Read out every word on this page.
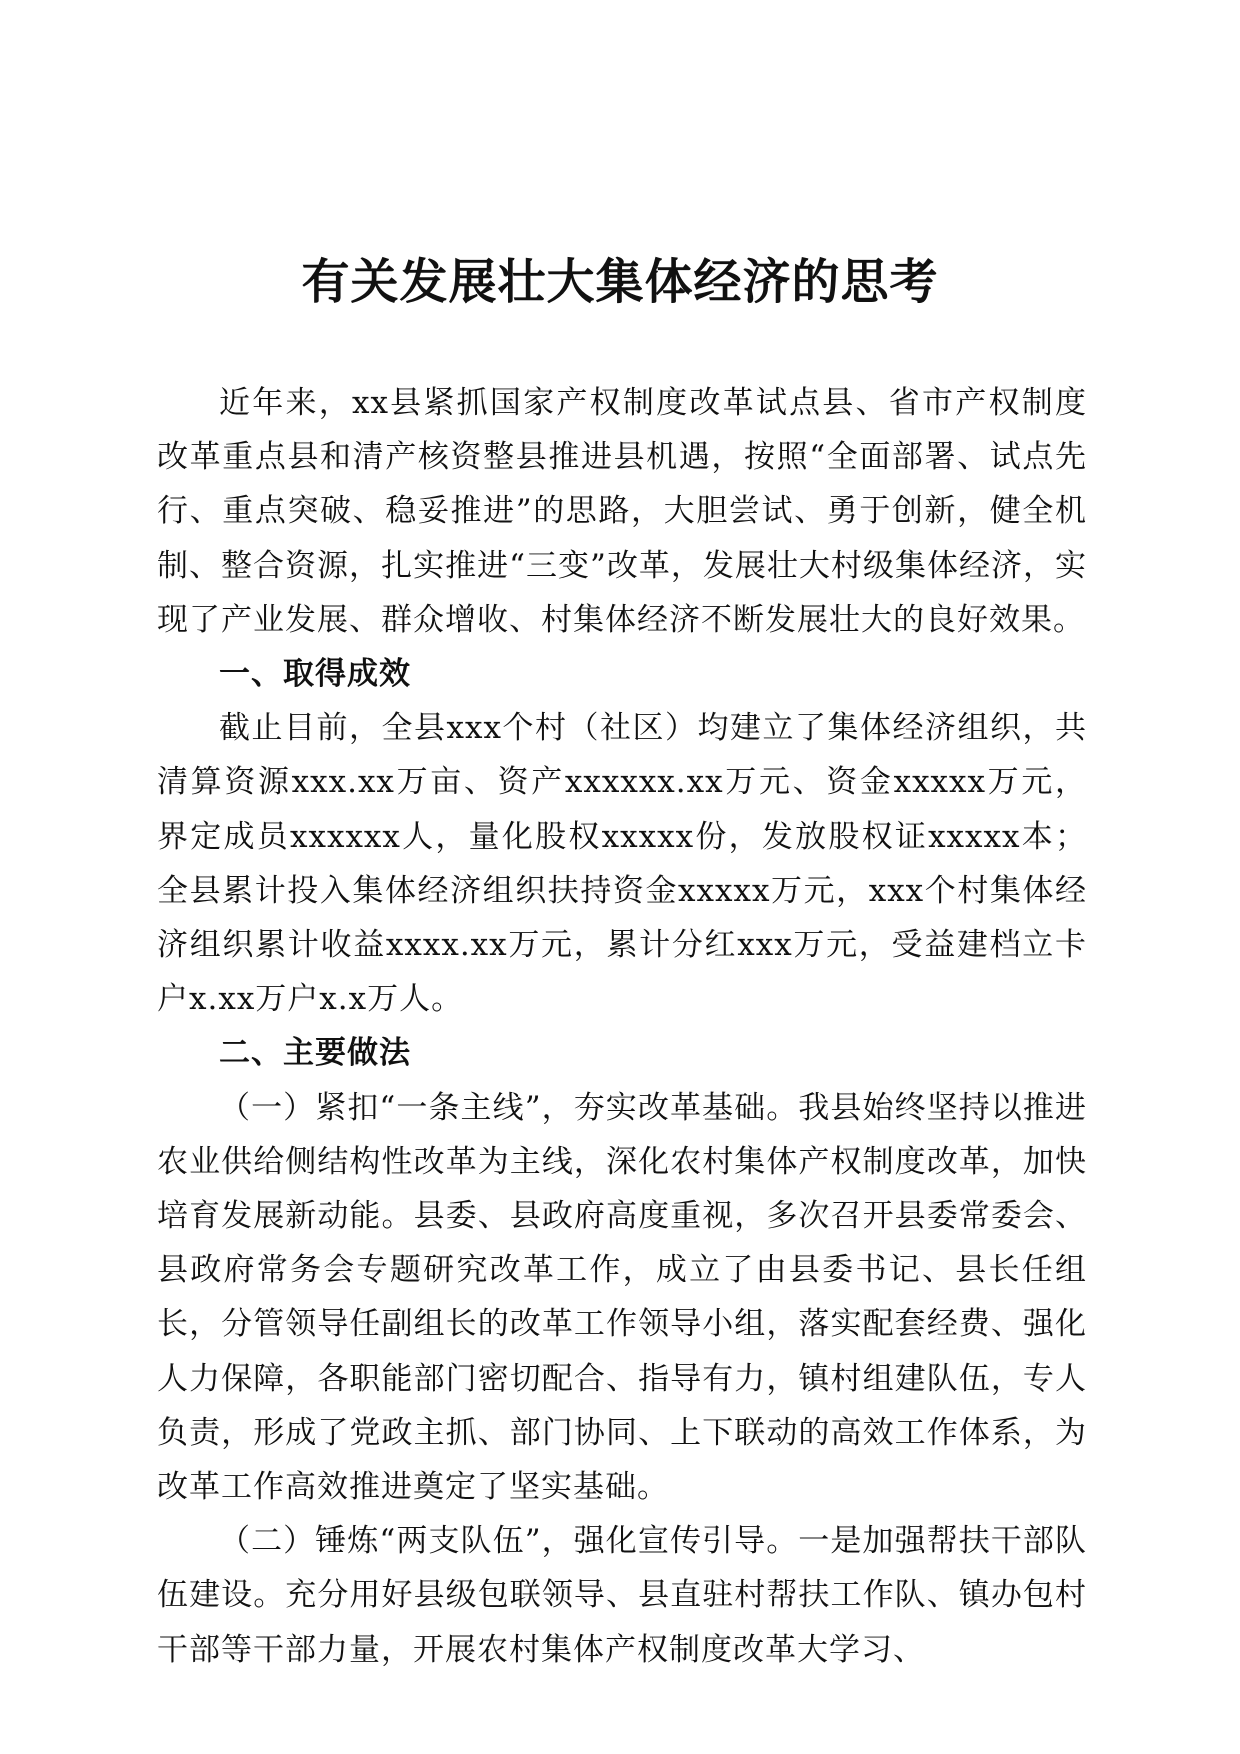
有关发展壮大集体经济的思考

近年来，xx县紧抓国家产权制度改革试点县、省市产权制度改革重点县和清产核资整县推进县机遇，按照“全面部署、试点先行、重点突破、稳妥推进”的思路，大胆尝试、勇于创新，健全机制、整合资源，扎实推进“三变”改革，发展壮大村级集体经济，实现了产业发展、群众增收、村集体经济不断发展壮大的良好效果。

一、取得成效

截止目前，全县xxx个村（社区）均建立了集体经济组织，共清算资源xxx.xx万亩、资产xxxxxx.xx万元、资金xxxxx万元，界定成员xxxxxx人，量化股权xxxxx份，发放股权证xxxxx本；全县累计投入集体经济组织扶持资金xxxxx万元，xxx个村集体经济组织累计收益xxxx.xx万元，累计分红xxx万元，受益建档立卡户x.xx万户x.x万人。

二、主要做法

（一）紧扣“一条主线”，夯实改革基础。我县始终坚持以推进农业供给侧结构性改革为主线，深化农村集体产权制度改革，加快培育发展新动能。县委、县政府高度重视，多次召开县委常委会、县政府常务会专题研究改革工作，成立了由县委书记、县长任组长，分管领导任副组长的改革工作领导小组，落实配套经费、强化人力保障，各职能部门密切配合、指导有力，镇村组建队伍，专人负责，形成了党政主抓、部门协同、上下联动的高效工作体系，为改革工作高效推进奠定了坚实基础。

（二）锤炼“两支队伍”，强化宣传引导。一是加强帮扶干部队伍建设。充分用好县级包联领导、县直驻村帮扶工作队、镇办包村干部等干部力量，开展农村集体产权制度改革大学习、
